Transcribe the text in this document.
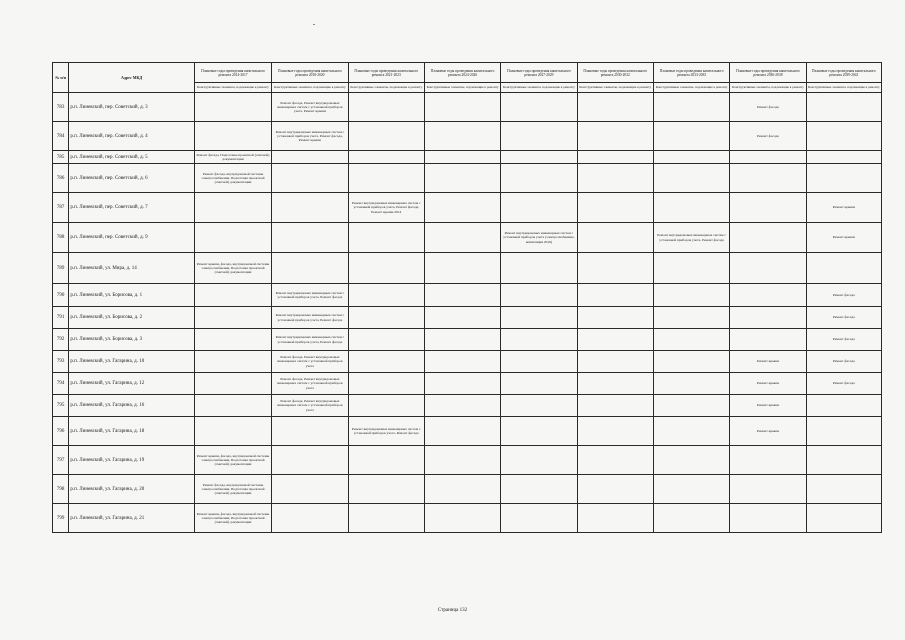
№ п/п	Адрес МКД	Плановые годы проведения капитального ремонта 2014-2017	Плановые годы проведения капитального ремонта 2018-2020	Плановые годы проведения капитального ремонта 2021-2023	Плановые годы проведения капитального ремонта 2024-2026	Плановые годы проведения капитального ремонта 2027-2029	Плановые годы проведения капитального ремонта 2030-2032	Плановые годы проведения капитального ремонта 2033-2035	Плановые годы проведения капитального ремонта 2036-2038	Плановые годы проведения капитального ремонта 2039-2041
		Конструктивные элементы, подлежащие к ремонту	Конструктивные элементы, подлежащие к ремонту	Конструктивные элементы, подлежащие к ремонту	Конструктивные элементы, подлежащие к ремонту	Конструктивные элементы, подлежащие к ремонту	Конструктивные элементы, подлежащие к ремонту	Конструктивные элементы, подлежащие к ремонту	Конструктивные элементы, подлежащие к ремонту	Конструктивные элементы, подлежащие к ремонту
783	р.п. Линевский, пер. Советский, д. 3		Ремонт фасада, Ремонт внутридомовых инженерных систем с установкой приборов учета, Ремонт крыши						Ремонт фасада	
784	р.п. Линевский, пер. Советский, д. 4		Ремонт внутридомовых инженерных систем с установкой приборов учета, Ремонт фасада, Ремонт крыши						Ремонт фасада	
785	р.п. Линевский, пер. Советский, д. 5	Ремонт фасада, Подготовка проектной (сметной) документации								
786	р.п. Линевский, пер. Советский, д. 6	Ремонт фасада, внутридомовой системы электроснабжения, Подготовка проектной (сметной) документации								
787	р.п. Линевский, пер. Советский, д. 7			Ремонт внутридомовых инженерных систем с установкой приборов учета, Ремонт фасада, Ремонт крыши 2014						Ремонт крыши
788	р.п. Линевский, пер. Советский, д. 9					Ремонт внутридомовых инженерных систем с установкой приборов учета (электроснабжение, вентиляция 2016)		Ремонт внутридомовых инженерных систем с установкой приборов учета, Ремонт фасада		Ремонт крыши
789	р.п. Линевский, ул. Мира, д. 14	Ремонт крыши, фасада, внутридомовой системы электроснабжения, Подготовка проектной (сметной) документации								
790	р.п. Линевский, ул. Борисова, д. 1		Ремонт внутридомовых инженерных систем с установкой приборов учета, Ремонт фасада							Ремонт фасада
791	р.п. Линевский, ул. Борисова, д. 2		Ремонт внутридомовых инженерных систем с установкой приборов учета, Ремонт фасада							Ремонт фасада
792	р.п. Линевский, ул. Борисова, д. 3		Ремонт внутридомовых инженерных систем с установкой приборов учета, Ремонт фасада							Ремонт фасада
793	р.п. Линевский, ул. Гагарина, д. 10		Ремонт фасада, Ремонт внутридомовых инженерных систем с установкой приборов учета						Ремонт крыши	Ремонт фасада
794	р.п. Линевский, ул. Гагарина, д. 12		Ремонт фасада, Ремонт внутридомовых инженерных систем с установкой приборов учета						Ремонт крыши	Ремонт фасада
795	р.п. Линевский, ул. Гагарина, д. 16		Ремонт фасада, Ремонт внутридомовых инженерных систем с установкой приборов учета						Ремонт крыши	
796	р.п. Линевский, ул. Гагарина, д. 18			Ремонт внутридомовых инженерных систем с установкой приборов учета, Ремонт фасада					Ремонт крыши	
797	р.п. Линевский, ул. Гагарина, д. 19	Ремонт крыши, фасада, внутридомовой системы электроснабжения, Подготовка проектной (сметной) документации								
798	р.п. Линевский, ул. Гагарина, д. 20	Ремонт фасада, внутридомовой системы электроснабжения, Подготовка проектной (сметной) документации								
799	р.п. Линевский, ул. Гагарина, д. 21	Ремонт крыши, фасада, внутридомовой системы электроснабжения, Подготовка проектной (сметной) документации								
Страница 132
